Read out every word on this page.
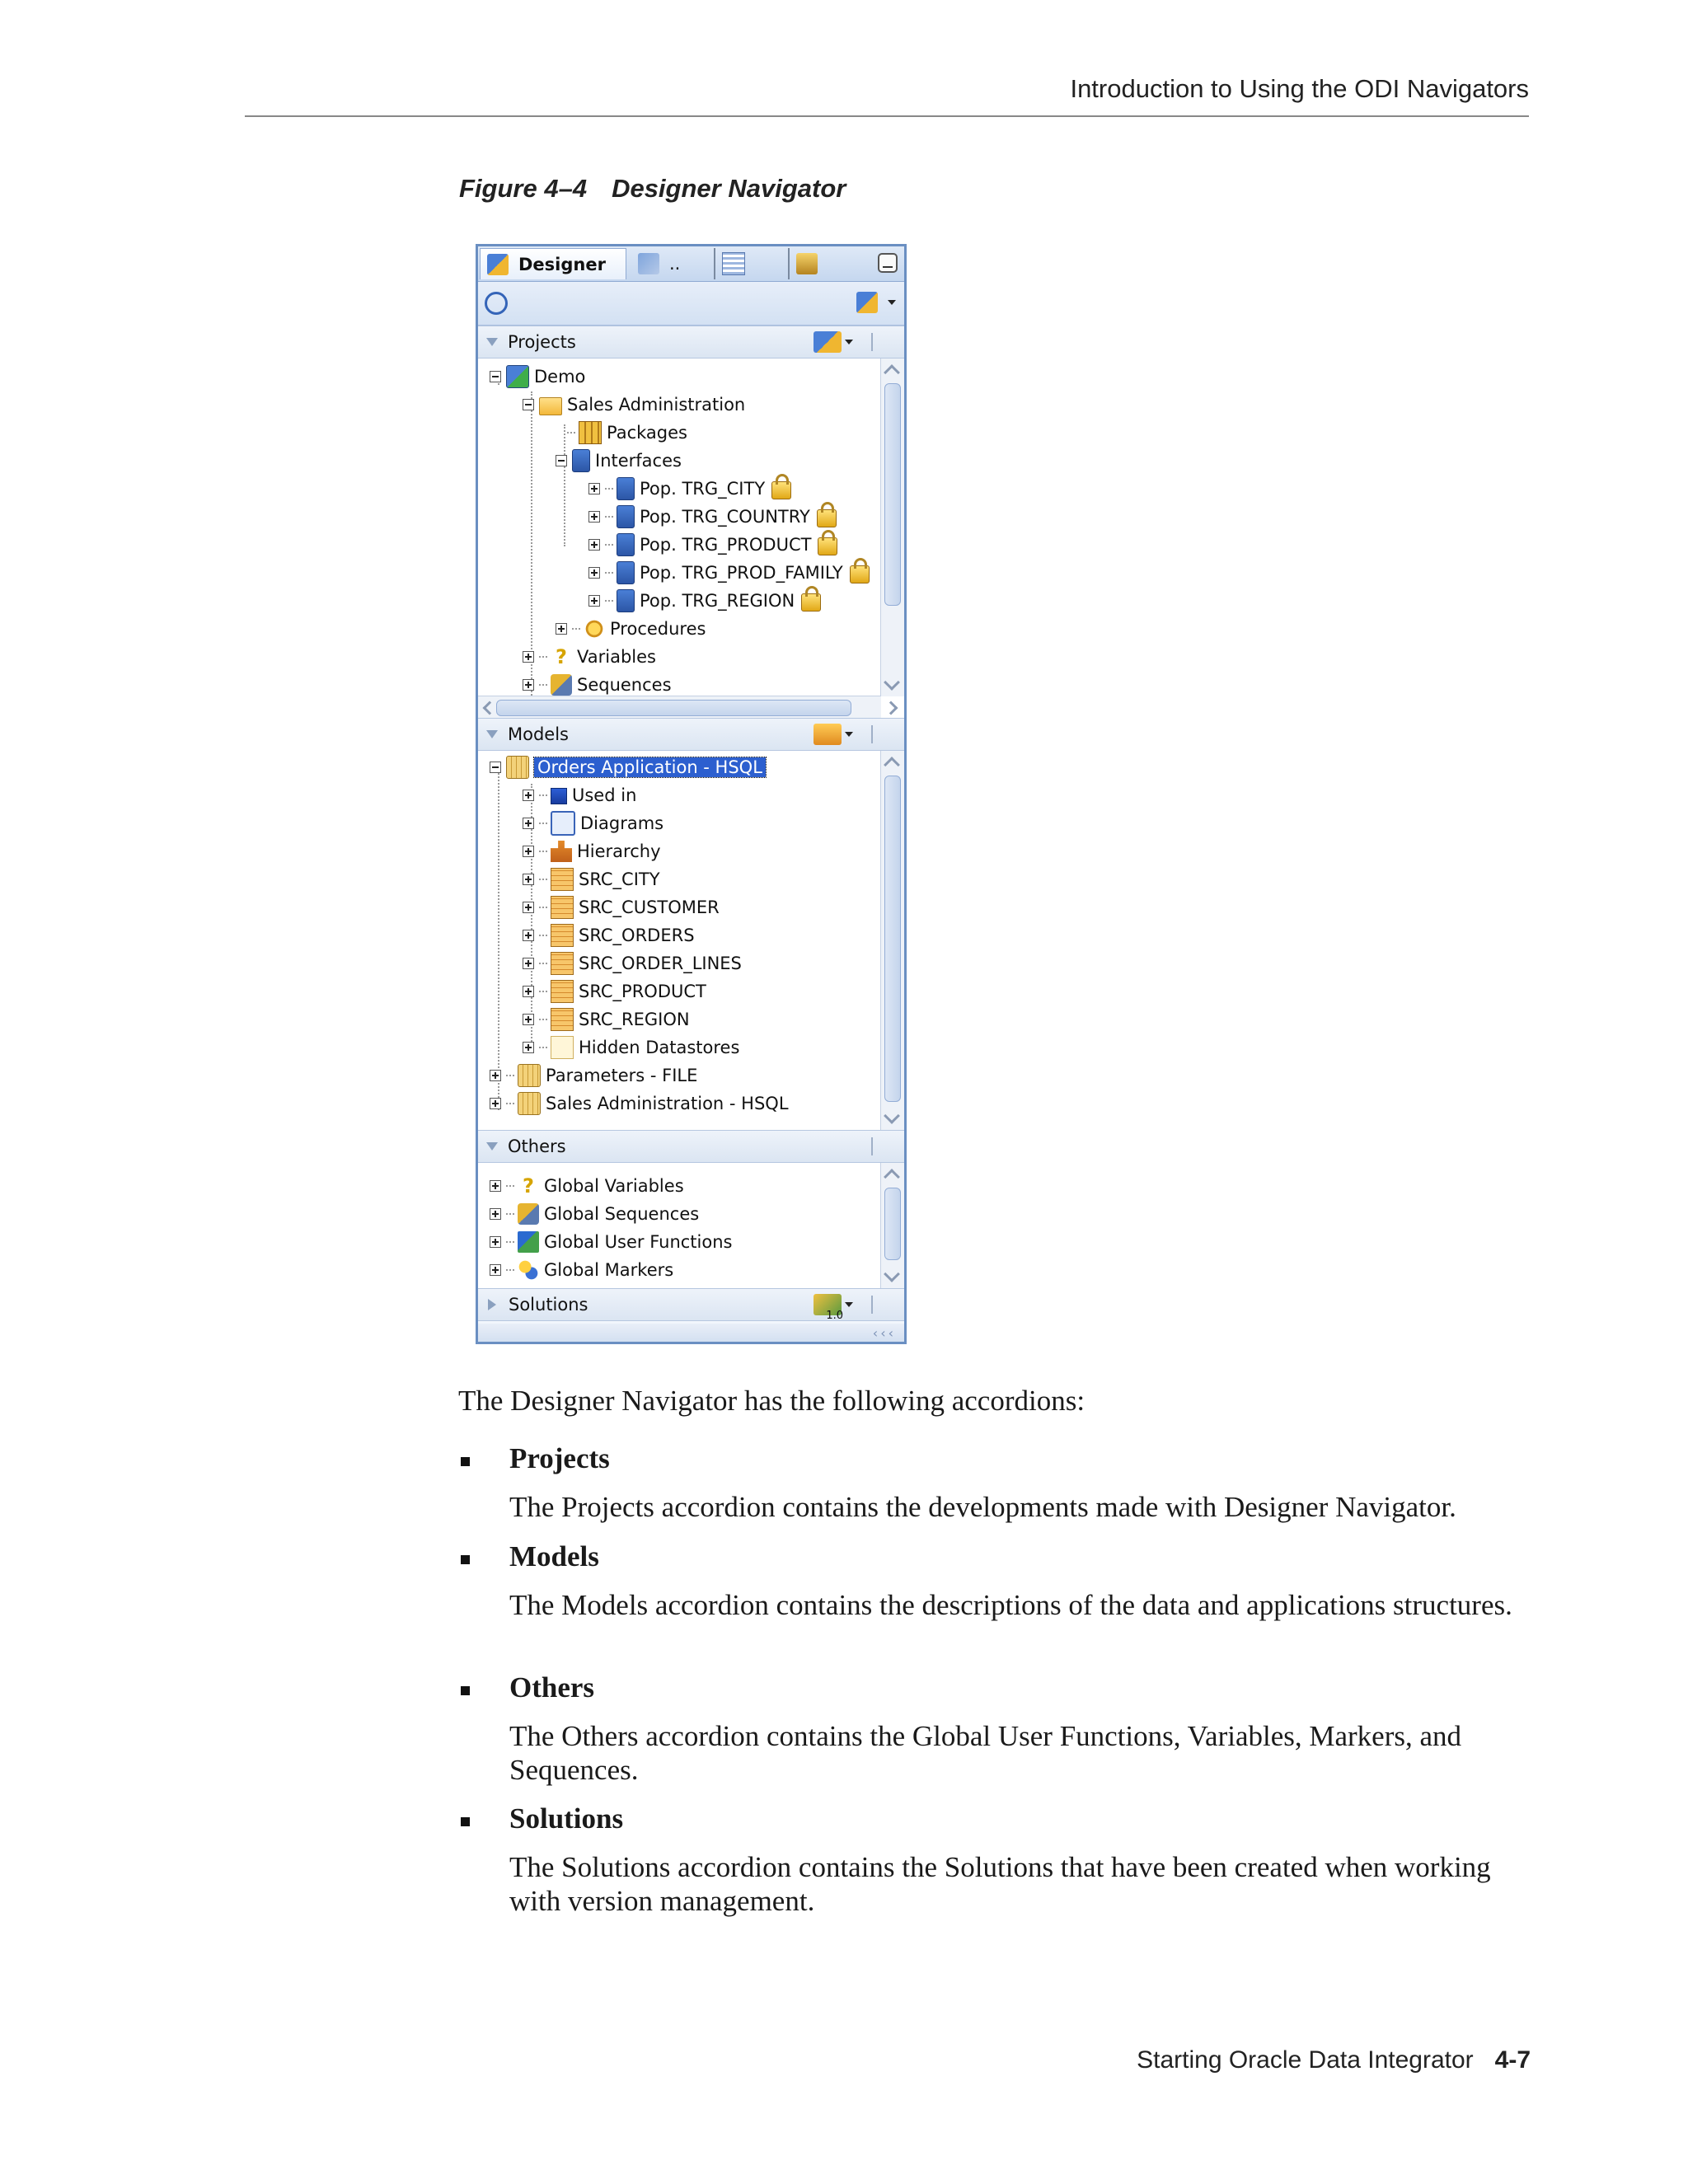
Introduction to Using the ODI Navigators
Figure 4–4 Designer Navigator
Designer	..
Projects
Demo
Sales Administration
Packages
Interfaces
Pop. TRG_CITY
Pop. TRG_COUNTRY
Pop. TRG_PRODUCT
Pop. TRG_PROD_FAMILY
Pop. TRG_REGION
Procedures
? Variables
Sequences
Models
Orders Application - HSQL
Used in
Diagrams
Hierarchy
SRC_CITY
SRC_CUSTOMER
SRC_ORDERS
SRC_ORDER_LINES
SRC_PRODUCT
SRC_REGION
Hidden Datastores
Parameters - FILE
Sales Administration - HSQL
Others
? Global Variables
Global Sequences
Global User Functions
Global Markers
Solutions
1.0
‹‹‹
The Designer Navigator has the following accordions:
Projects
The Projects accordion contains the developments made with Designer Navigator.
Models
The Models accordion contains the descriptions of the data and applications structures.
Others
The Others accordion contains the Global User Functions, Variables, Markers, and Sequences.
Solutions
The Solutions accordion contains the Solutions that have been created when working with version management.
Starting Oracle Data Integrator 4-7
